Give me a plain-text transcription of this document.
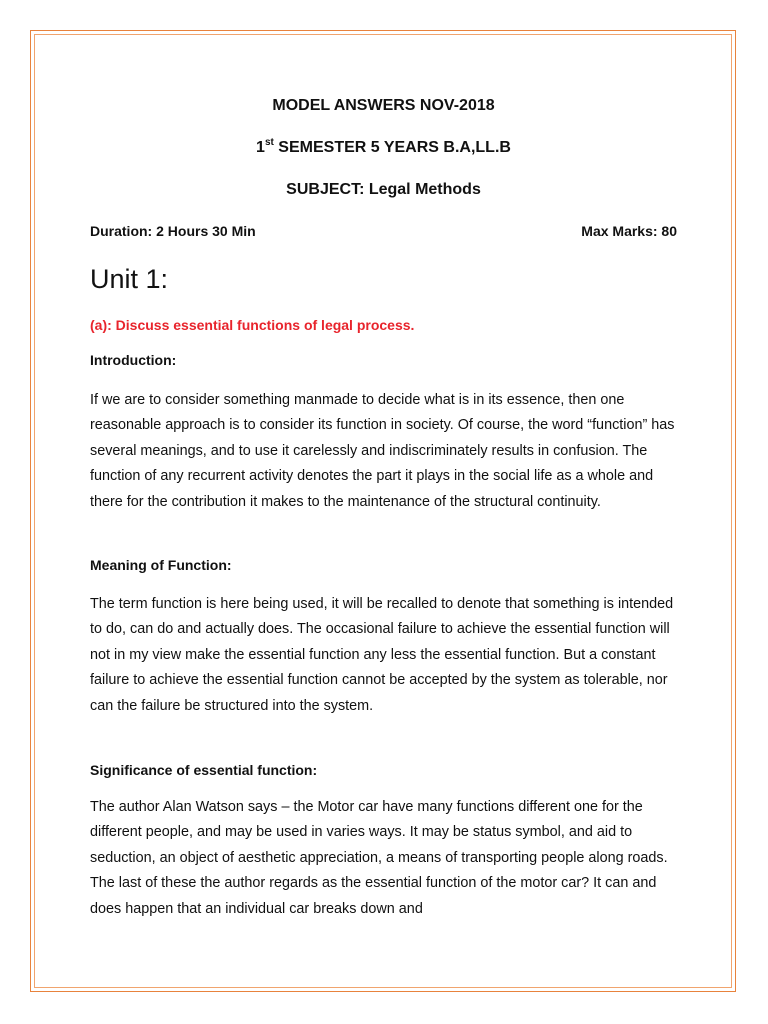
MODEL ANSWERS NOV-2018
1st SEMESTER 5 YEARS B.A,LL.B
SUBJECT: Legal Methods
Duration: 2 Hours 30 Min	Max Marks: 80
Unit 1:
(a): Discuss essential functions of legal process.
Introduction:

If we are to consider something manmade to decide what is in its essence, then one reasonable approach is to consider its function in society. Of course, the word “function” has several meanings, and to use it carelessly and indiscriminately results in confusion. The function of any recurrent activity denotes the part it plays in the social life as a whole and there for the contribution it makes to the maintenance of the structural continuity.

Meaning of Function:

The term function is here being used, it will be recalled to denote that something is intended to do, can do and actually does. The occasional failure to achieve the essential function will not in my view make the essential function any less the essential function. But a constant failure to achieve the essential function cannot be accepted by the system as tolerable, nor can the failure be structured into the system.

Significance of essential function:

The author Alan Watson says – the Motor car have many functions different one for the different people, and may be used in varies ways. It may be status symbol, and aid to seduction, an object of aesthetic appreciation, a means of transporting people along roads. The last of these the author regards as the essential function of the motor car? It can and does happen that an individual car breaks down and
